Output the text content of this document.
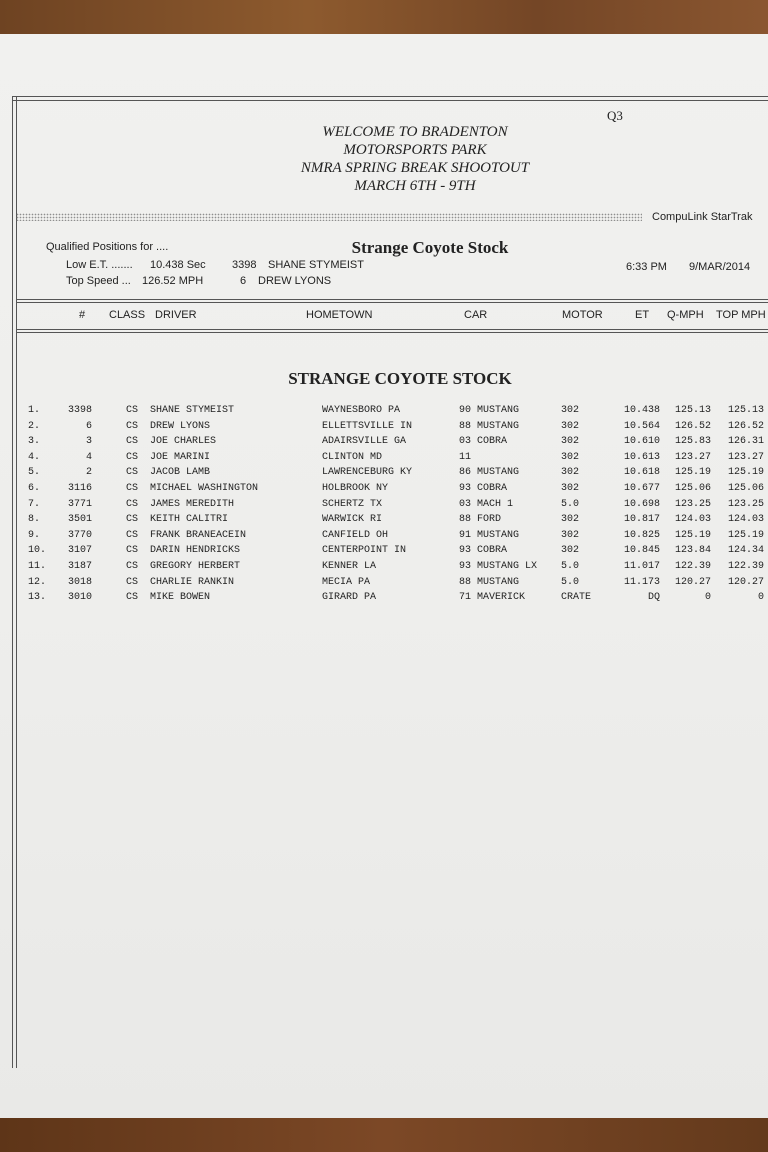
Q3
WELCOME TO BRADENTON
MOTORSPORTS PARK
NMRA SPRING BREAK SHOOTOUT
MARCH 6TH - 9TH
CompuLink StarTrak
Qualified Positions for ....	Strange Coyote Stock
Low E.T. ....... 10.438 Sec 3398 SHANE STYMEIST
Top Speed ... 126.52 MPH	6 DREW LYONS
6:33 PM 9/MAR/2014
# CLASS DRIVER	HOMETOWN	CAR	MOTOR	ET Q-MPH TOP MPH
STRANGE COYOTE STOCK
1.	3398	CS SHANE STYMEIST	WAYNESBORO PA	90 MUSTANG	302	10.438	125.13	125.13
2.	6	CS DREW LYONS	ELLETTSVILLE IN	88 MUSTANG	302	10.564	126.52	126.52
3.	3	CS JOE CHARLES	ADAIRSVILLE GA	03 COBRA	302	10.610	125.83	126.31
4.	4	CS JOE MARINI	CLINTON MD	11	302	10.613	123.27	123.27
5.	2	CS JACOB LAMB	LAWRENCEBURG KY	86 MUSTANG	302	10.618	125.19	125.19
6.	3116	CS MICHAEL WASHINGTON	HOLBROOK NY	93 COBRA	302	10.677	125.06	125.06
7.	3771	CS JAMES MEREDITH	SCHERTZ TX	03 MACH 1	5.0	10.698	123.25	123.25
8.	3501	CS KEITH CALITRI	WARWICK RI	88 FORD	302	10.817	124.03	124.03
9.	3770	CS FRANK BRANEACEIN	CANFIELD OH	91 MUSTANG	302	10.825	125.19	125.19
10.	3107	CS DARIN HENDRICKS	CENTERPOINT IN	93 COBRA	302	10.845	123.84	124.34
11.	3187	CS GREGORY HERBERT	KENNER LA	93 MUSTANG LX 5.0	11.017	122.39	122.39
12.	3018	CS CHARLIE RANKIN	MECIA PA	88 MUSTANG	5.0	11.173	120.27	120.27
13.	3010	CS MIKE BOWEN	GIRARD PA	71 MAVERICK	CRATE	DQ	0	0
